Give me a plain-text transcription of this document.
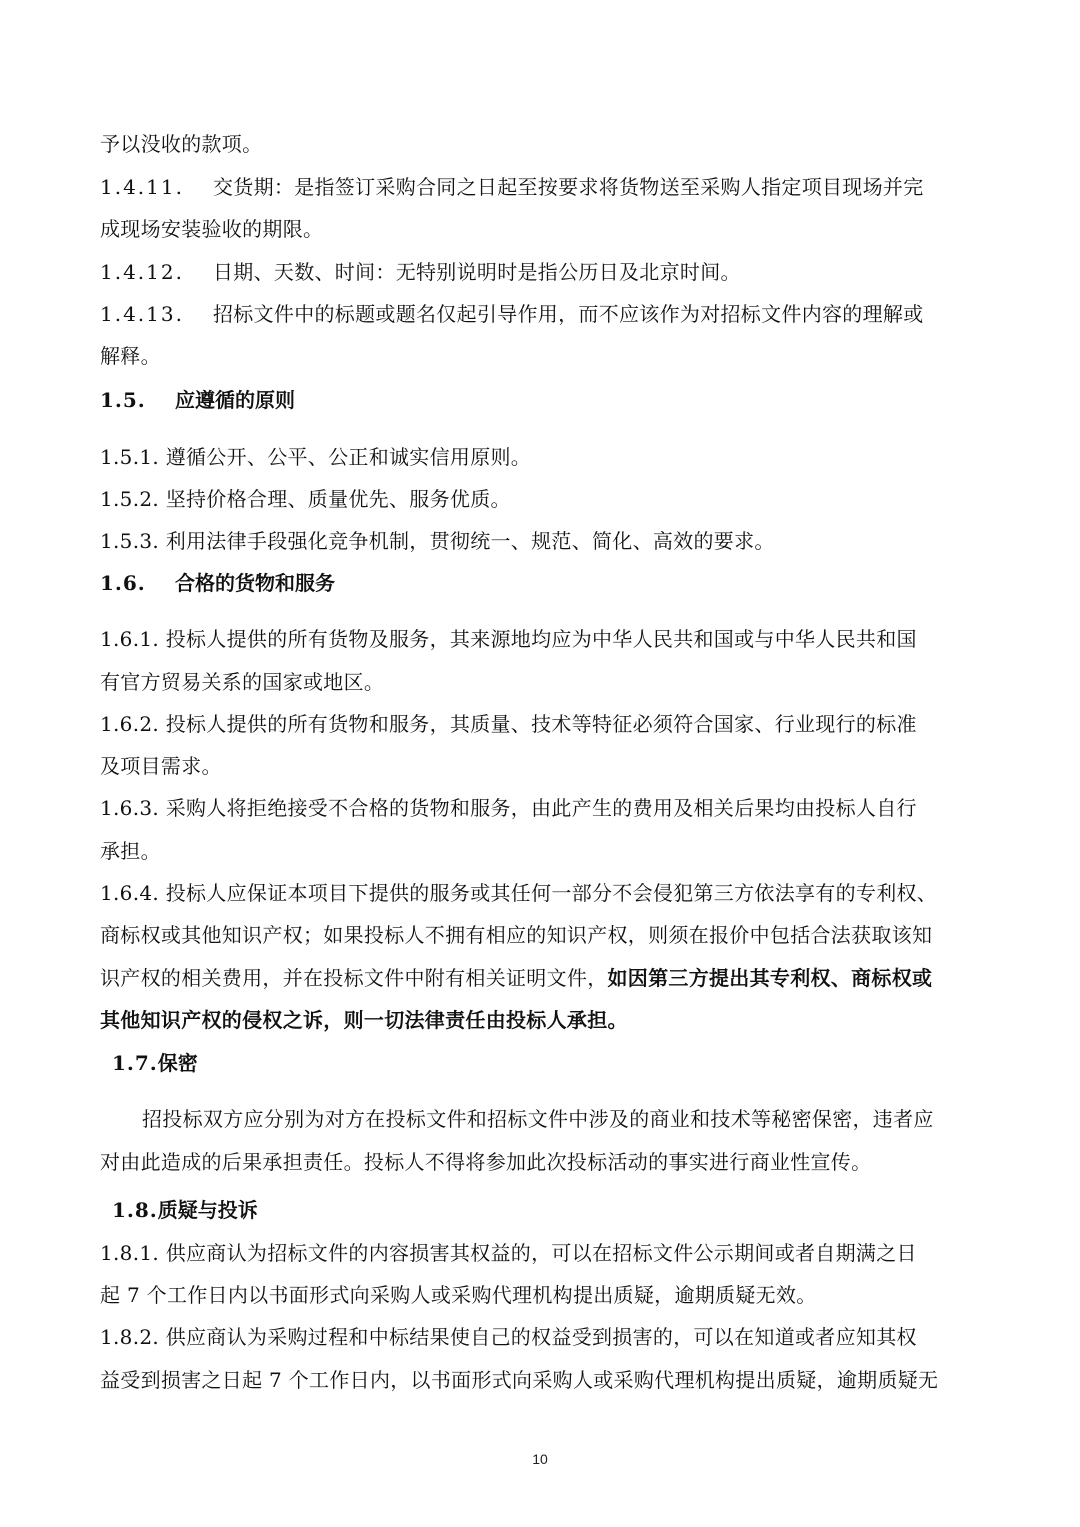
予以没收的款项。
1.4.11. 交货期：是指签订采购合同之日起至按要求将货物送至采购人指定项目现场并完
成现场安装验收的期限。
1.4.12. 日期、天数、时间：无特别说明时是指公历日及北京时间。
1.4.13. 招标文件中的标题或题名仅起引导作用，而不应该作为对招标文件内容的理解或
解释。
1.5. 应遵循的原则
1.5.1. 遵循公开、公平、公正和诚实信用原则。
1.5.2. 坚持价格合理、质量优先、服务优质。
1.5.3. 利用法律手段强化竞争机制，贯彻统一、规范、简化、高效的要求。
1.6. 合格的货物和服务
1.6.1. 投标人提供的所有货物及服务，其来源地均应为中华人民共和国或与中华人民共和国
有官方贸易关系的国家或地区。
1.6.2. 投标人提供的所有货物和服务，其质量、技术等特征必须符合国家、行业现行的标准
及项目需求。
1.6.3. 采购人将拒绝接受不合格的货物和服务，由此产生的费用及相关后果均由投标人自行
承担。
1.6.4. 投标人应保证本项目下提供的服务或其任何一部分不会侵犯第三方依法享有的专利权、
商标权或其他知识产权；如果投标人不拥有相应的知识产权，则须在报价中包括合法获取该知
识产权的相关费用，并在投标文件中附有相关证明文件，如因第三方提出其专利权、商标权或
其他知识产权的侵权之诉，则一切法律责任由投标人承担。
1.7.保密
招投标双方应分别为对方在投标文件和招标文件中涉及的商业和技术等秘密保密，违者应
对由此造成的后果承担责任。投标人不得将参加此次投标活动的事实进行商业性宣传。
1.8.质疑与投诉
1.8.1. 供应商认为招标文件的内容损害其权益的，可以在招标文件公示期间或者自期满之日
起 7 个工作日内以书面形式向采购人或采购代理机构提出质疑，逾期质疑无效。
1.8.2. 供应商认为采购过程和中标结果使自己的权益受到损害的，可以在知道或者应知其权
益受到损害之日起 7 个工作日内，以书面形式向采购人或采购代理机构提出质疑，逾期质疑无
10
